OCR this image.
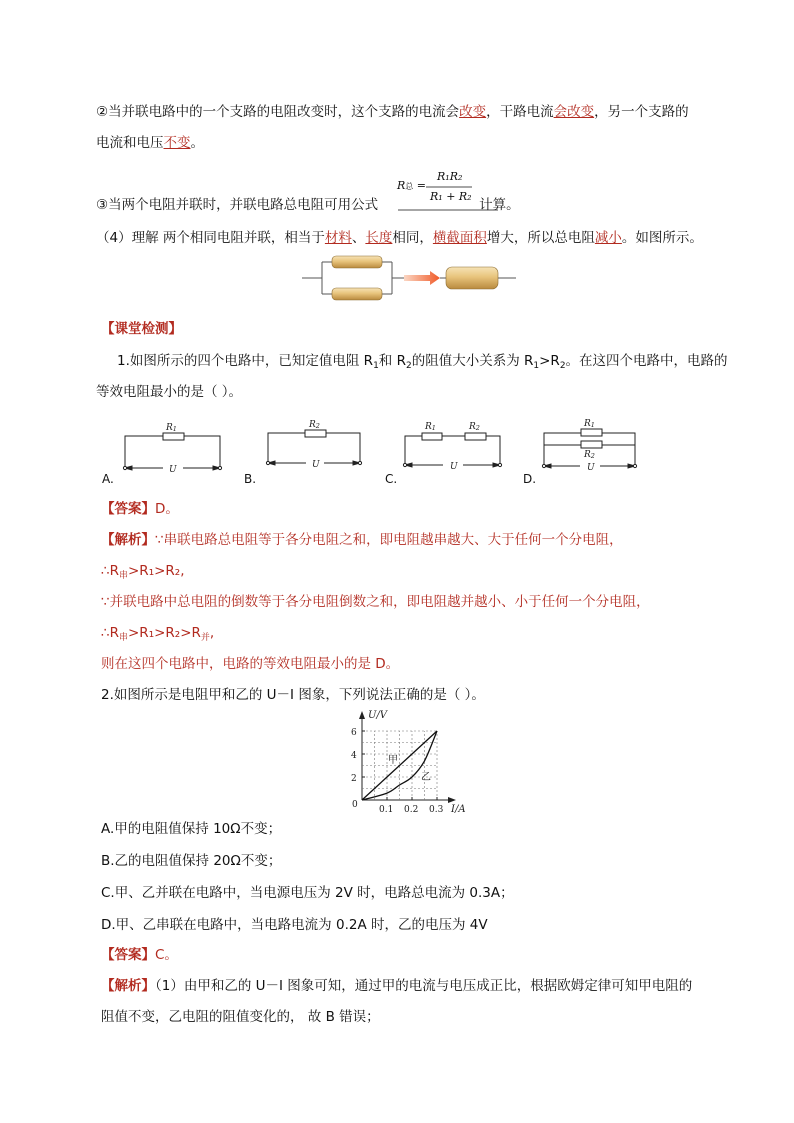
②当并联电路中的一个支路的电阻改变时，这个支路的电流会改变，干路电流会改变，另一个支路的
电流和电压不变。
③当两个电阻并联时，并联电路总电阻可用公式	计算。
R总 =
R₁R₂
R₁ + R₂
（4）理解 两个相同电阻并联，相当于材料、长度相同，横截面积增大，所以总电阻减小。如图所示。
【课堂检测】
1.如图所示的四个电路中，已知定值电阻 $R_1$和 $R_2$的阻值大小关系为 $R_1>R_2$。在这四个电路中，电路的
等效电阻最小的是（ ）。
R1
U
R2
U
R1	R2
U
R1
R2
U
A.	B.	C.	D.
【答案】D。
【解析】∵串联电路总电阻等于各分电阻之和，即电阻越串越大、大于任何一个分电阻，
$\therefore R_串>R_1>R_2$,
∵并联电路中总电阻的倒数等于各分电阻倒数之和，即电阻越并越小、小于任何一个分电阻，
$\therefore R_串>R_1>R_2>R_并$,
则在这四个电路中，电路的等效电阻最小的是 D。
2.如图所示是电阻甲和乙的 U－I 图象，下列说法正确的是（ ）。
U/V
I/A
0
2
4
6
0.1 0.2 0.3
甲
乙
A.甲的电阻值保持 10Ω不变；
B.乙的电阻值保持 20Ω不变；
C.甲、乙并联在电路中，当电源电压为 2V 时，电路总电流为 0.3A；
D.甲、乙串联在电路中，当电路电流为 0.2A 时，乙的电压为 4V
【答案】C。
【解析】（1）由甲和乙的 U－I 图象可知，通过甲的电流与电压成正比，根据欧姆定律可知甲电阻的
阻值不变，乙电阻的阻值变化的， 故 B 错误；
